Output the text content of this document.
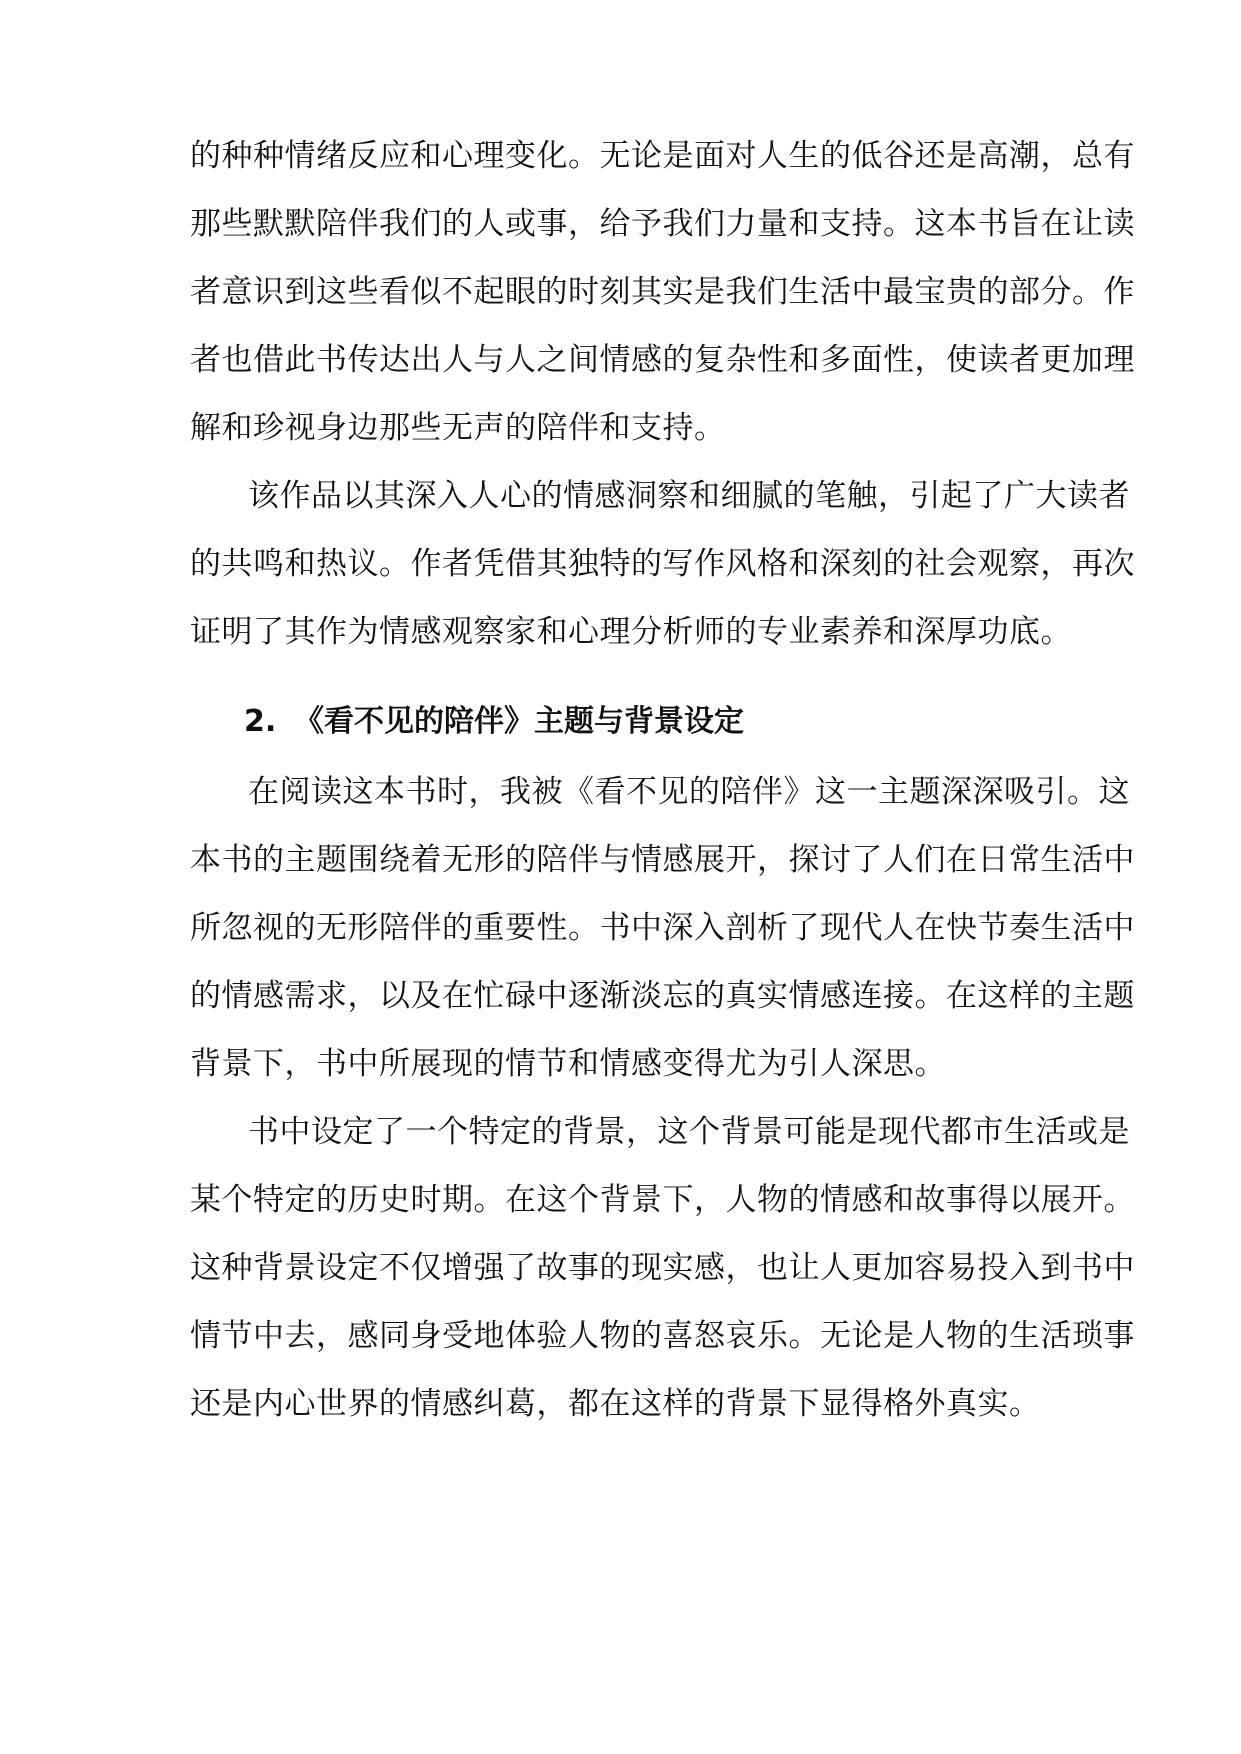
的种种情绪反应和心理变化。无论是面对人生的低谷还是高潮，总有
那些默默陪伴我们的人或事，给予我们力量和支持。这本书旨在让读
者意识到这些看似不起眼的时刻其实是我们生活中最宝贵的部分。作
者也借此书传达出人与人之间情感的复杂性和多面性，使读者更加理
解和珍视身边那些无声的陪伴和支持。
该作品以其深入人心的情感洞察和细腻的笔触，引起了广大读者
的共鸣和热议。作者凭借其独特的写作风格和深刻的社会观察，再次
证明了其作为情感观察家和心理分析师的专业素养和深厚功底。
2. 《看不见的陪伴》主题与背景设定
在阅读这本书时，我被《看不见的陪伴》这一主题深深吸引。这
本书的主题围绕着无形的陪伴与情感展开，探讨了人们在日常生活中
所忽视的无形陪伴的重要性。书中深入剖析了现代人在快节奏生活中
的情感需求，以及在忙碌中逐渐淡忘的真实情感连接。在这样的主题
背景下，书中所展现的情节和情感变得尤为引人深思。
书中设定了一个特定的背景，这个背景可能是现代都市生活或是
某个特定的历史时期。在这个背景下，人物的情感和故事得以展开。
这种背景设定不仅增强了故事的现实感，也让人更加容易投入到书中
情节中去，感同身受地体验人物的喜怒哀乐。无论是人物的生活琐事
还是内心世界的情感纠葛，都在这样的背景下显得格外真实。
